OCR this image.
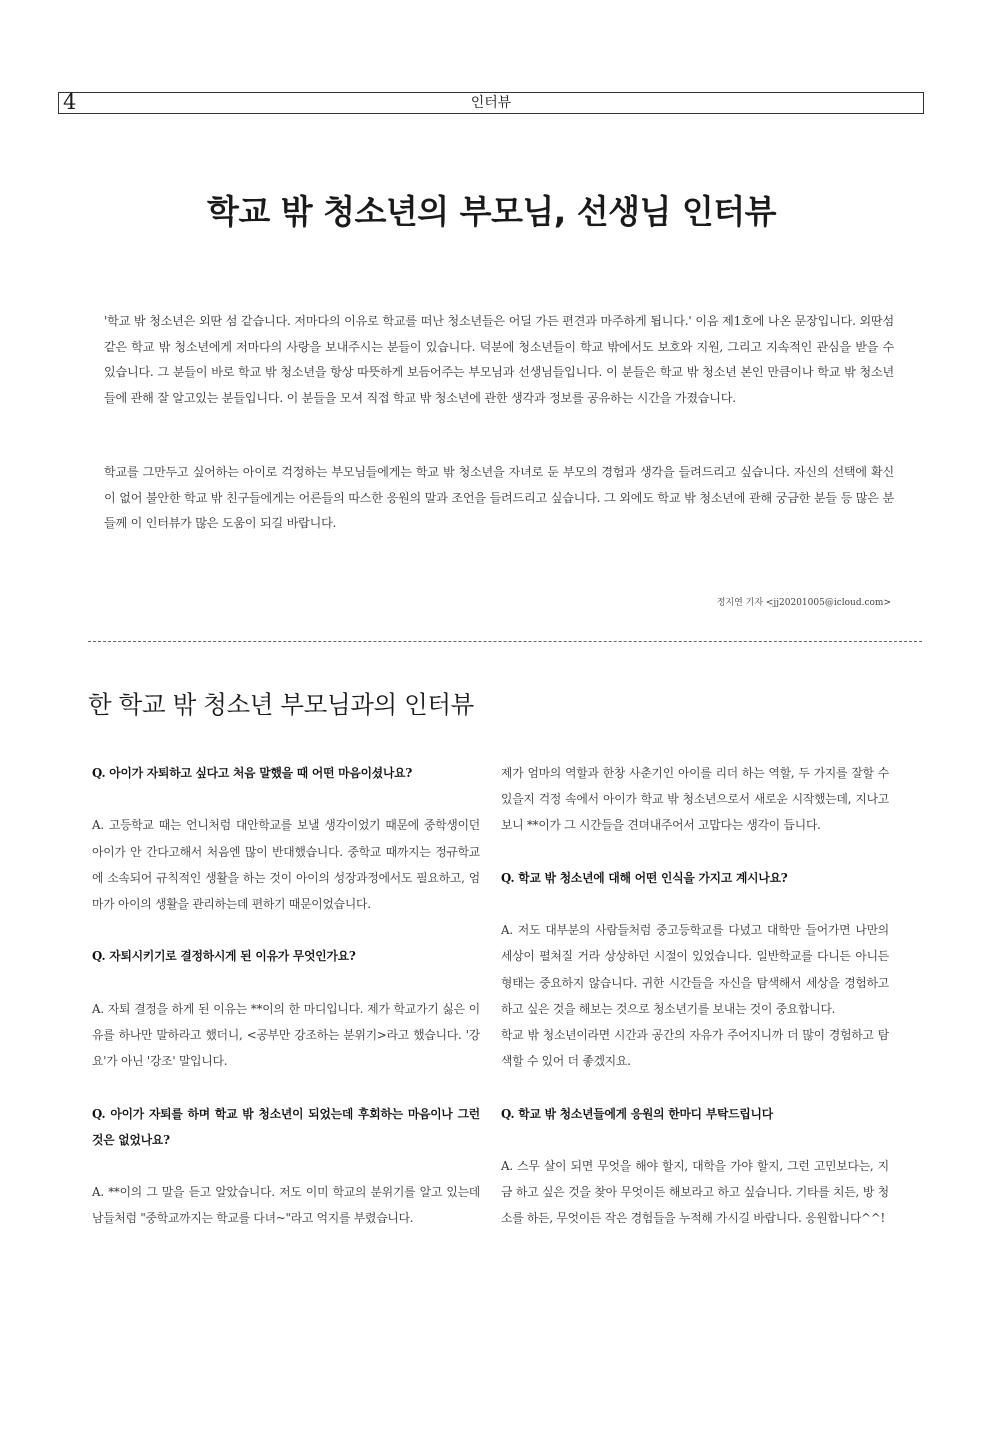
4	인터뷰
학교 밖 청소년의 부모님, 선생님 인터뷰

'학교 밖 청소년은 외딴 섬 같습니다. 저마다의 이유로 학교를 떠난 청소년들은 어딜 가든 편견과 마주하게 됩니다.' 이음 제1호에 나온 문장입니다. 외딴섬같은 학교 밖 청소년에게 저마다의 사랑을 보내주시는 분들이 있습니다. 덕분에 청소년들이 학교 밖에서도 보호와 지원, 그리고 지속적인 관심을 받을 수 있습니다. 그 분들이 바로 학교 밖 청소년을 항상 따뜻하게 보듬어주는 부모님과 선생님들입니다. 이 분들은 학교 밖 청소년 본인 만큼이나 학교 밖 청소년들에 관해 잘 알고있는 분들입니다. 이 분들을 모셔 직접 학교 밖 청소년에 관한 생각과 정보를 공유하는 시간을 가졌습니다.

학교를 그만두고 싶어하는 아이로 걱정하는 부모님들에게는 학교 밖 청소년을 자녀로 둔 부모의 경험과 생각을 들려드리고 싶습니다. 자신의 선택에 확신이 없어 불안한 학교 밖 친구들에게는 어른들의 따스한 응원의 말과 조언을 들려드리고 싶습니다. 그 외에도 학교 밖 청소년에 관해 궁금한 분들 등 많은 분들께 이 인터뷰가 많은 도움이 되길 바랍니다.

정지연 기자 <jj20201005@icloud.com>
한 학교 밖 청소년 부모님과의 인터뷰

Q. 아이가 자퇴하고 싶다고 처음 말했을 때 어떤 마음이셨나요?

A. 고등학교 때는 언니처럼 대안학교를 보낼 생각이었기 때문에 중학생이던 아이가 안 간다고해서 처음엔 많이 반대했습니다. 중학교 때까지는 정규학교에 소속되어 규칙적인 생활을 하는 것이 아이의 성장과정에서도 필요하고, 엄마가 아이의 생활을 관리하는데 편하기 때문이었습니다.

Q. 자퇴시키기로 결정하시게 된 이유가 무엇인가요?

A. 자퇴 결정을 하게 된 이유는 **이의 한 마디입니다. 제가 학교가기 싫은 이유를 하나만 말하라고 했더니, <공부만 강조하는 분위기>라고 했습니다. '강요'가 아닌 '강조' 말입니다.

Q. 아이가 자퇴를 하며 학교 밖 청소년이 되었는데 후회하는 마음이나 그런 것은 없었나요?

A. **이의 그 말을 듣고 알았습니다. 저도 이미 학교의 분위기를 알고 있는데 남들처럼 "중학교까지는 학교를 다녀~"라고 억지를 부렸습니다.

제가 엄마의 역할과 한창 사춘기인 아이를 리더 하는 역할, 두 가지를 잘할 수 있을지 걱정 속에서 아이가 학교 밖 청소년으로서 새로운 시작했는데, 지나고 보니 **이가 그 시간들을 견뎌내주어서 고맙다는 생각이 듭니다.

Q. 학교 밖 청소년에 대해 어떤 인식을 가지고 계시나요?

A. 저도 대부분의 사람들처럼 중고등학교를 다녔고 대학만 들어가면 나만의 세상이 펼쳐질 거라 상상하던 시절이 있었습니다. 일반학교를 다니든 아니든 형태는 중요하지 않습니다. 귀한 시간들을 자신을 탐색해서 세상을 경험하고 하고 싶은 것을 해보는 것으로 청소년기를 보내는 것이 중요합니다.

학교 밖 청소년이라면 시간과 공간의 자유가 주어지니까 더 많이 경험하고 탐색할 수 있어 더 좋겠지요.

Q. 학교 밖 청소년들에게 응원의 한마디 부탁드립니다

A. 스무 살이 되면 무엇을 해야 할지, 대학을 가야 할지, 그런 고민보다는, 지금 하고 싶은 것을 찾아 무엇이든 해보라고 하고 싶습니다. 기타를 치든, 방 청소를 하든, 무엇이든 작은 경험들을 누적해 가시길 바랍니다. 응원합니다^^!
